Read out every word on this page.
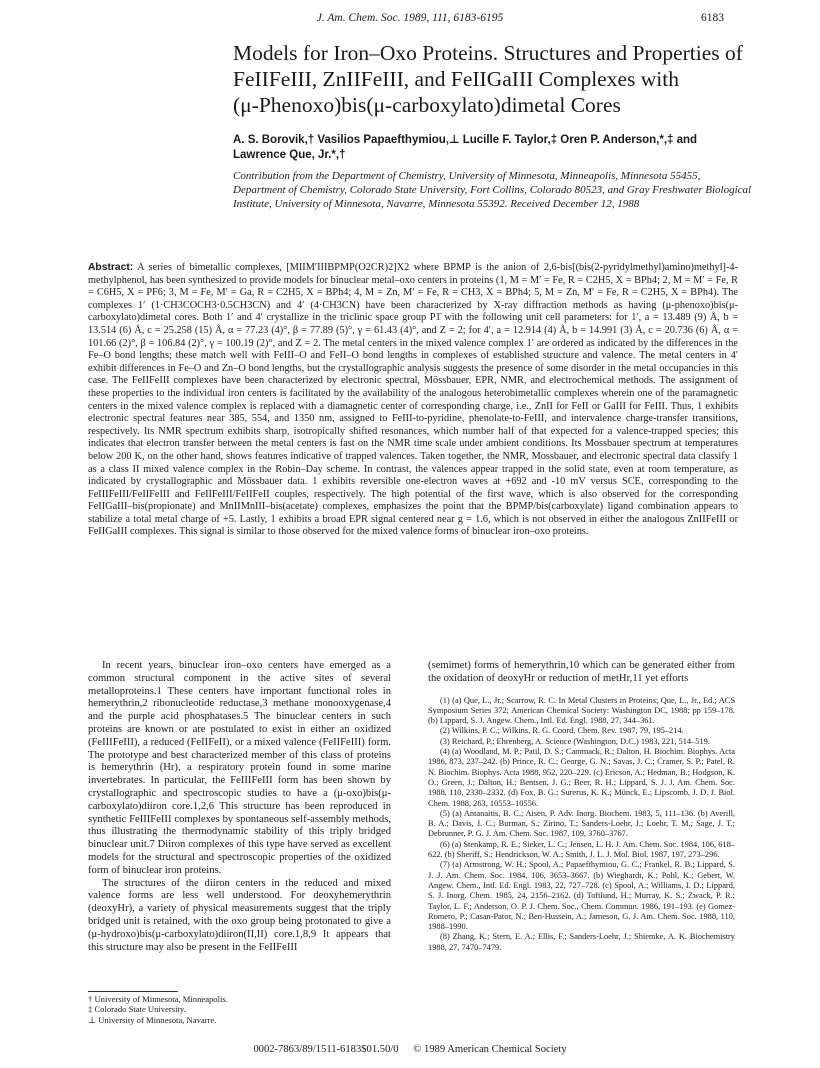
J. Am. Chem. Soc. 1989, 111, 6183-6195	6183
Models for Iron–Oxo Proteins. Structures and Properties of
FeIIFeIII, ZnIIFeIII, and FeIIGaIII Complexes with
(μ-Phenoxo)bis(μ-carboxylato)dimetal Cores
A. S. Borovik,† Vasilios Papaefthymiou,⊥ Lucille F. Taylor,‡ Oren P. Anderson,*,‡ and Lawrence Que, Jr.*,†
Contribution from the Department of Chemistry, University of Minnesota, Minneapolis, Minnesota 55455, Department of Chemistry, Colorado State University, Fort Collins, Colorado 80523, and Gray Freshwater Biological Institute, University of Minnesota, Navarre, Minnesota 55392. Received December 12, 1988
Abstract: A series of bimetallic complexes, [MIIM′IIIBPMP(O2CR)2]X2 where BPMP is the anion of 2,6-bis[(bis(2-pyridylmethyl)amino)methyl]-4-methylphenol, has been synthesized to provide models for binuclear metal–oxo centers in proteins (1, M = M′ = Fe, R = C2H5, X = BPh4; 2, M = M′ = Fe, R = C6H5, X = PF6; 3, M = Fe, M′ = Ga, R = C2H5, X = BPh4; 4, M = Zn, M′ = Fe, R = CH3, X = BPh4; 5, M = Zn, M′ = Fe, R = C2H5, X = BPh4). The complexes 1′ (1·CH3COCH3·0.5CH3CN) and 4′ (4·CH3CN) have been characterized by X-ray diffraction methods as having (μ-phenoxo)bis(μ-carboxylato)dimetal cores. Both 1′ and 4′ crystallize in the triclinic space group P1̄ with the following unit cell parameters: for 1′, a = 13.489 (9) Å, b = 13.514 (6) Å, c = 25.258 (15) Å, α = 77.23 (4)°, β = 77.89 (5)°, γ = 61.43 (4)°, and Z = 2; for 4′, a = 12.914 (4) Å, b = 14.991 (3) Å, c = 20.736 (6) Å, α = 101.66 (2)°, β = 106.84 (2)°, γ = 100.19 (2)°, and Z = 2. The metal centers in the mixed valence complex 1′ are ordered as indicated by the differences in the Fe–O bond lengths; these match well with FeIII–O and FeII–O bond lengths in complexes of established structure and valence. The metal centers in 4′ exhibit differences in Fe–O and Zn–O bond lengths, but the crystallographic analysis suggests the presence of some disorder in the metal occupancies in this case. The FeIIFeIII complexes have been characterized by electronic spectral, Mössbauer, EPR, NMR, and electrochemical methods. The assignment of these properties to the individual iron centers is facilitated by the availability of the analogous heterobimetallic complexes wherein one of the paramagnetic centers in the mixed valence complex is replaced with a diamagnetic center of corresponding charge, i.e., ZnII for FeII or GaIII for FeIII. Thus, 1 exhibits electronic spectral features near 385, 554, and 1350 nm, assigned to FeIII-to-pyridine, phenolate-to-FeIII, and intervalence charge-transfer transitions, respectively. Its NMR spectrum exhibits sharp, isotropically shifted resonances, which number half of that expected for a valence-trapped species; this indicates that electron transfer between the metal centers is fast on the NMR time scale under ambient conditions. Its Mossbauer spectrum at temperatures below 200 K, on the other hand, shows features indicative of trapped valences. Taken together, the NMR, Mossbauer, and electronic spectral data classify 1 as a class II mixed valence complex in the Robin–Day scheme. In contrast, the valences appear trapped in the solid state, even at room temperature, as indicated by crystallographic and Mössbauer data. 1 exhibits reversible one-electron waves at +692 and -10 mV versus SCE, corresponding to the FeIIIFeIII/FeIIFeIII and FeIIFeIII/FeIIFeII couples, respectively. The high potential of the first wave, which is also observed for the corresponding FeIIGaIII–bis(propionate) and MnIIMnIII–bis(acetate) complexes, emphasizes the point that the BPMP/bis(carboxylate) ligand combination appears to stabilize a total metal charge of +5. Lastly, 1 exhibits a broad EPR signal centered near g = 1.6, which is not observed in either the analogous ZnIIFeIII or FeIIGaIII complexes. This signal is similar to those observed for the mixed valence forms of binuclear iron–oxo proteins.

In recent years, binuclear iron–oxo centers have emerged as a common structural component in the active sites of several metalloproteins.1 These centers have important functional roles in hemerythrin,2 ribonucleotide reductase,3 methane monooxygenase,4 and the purple acid phosphatases.5 The binuclear centers in such proteins are known or are postulated to exist in either an oxidized (FeIIIFeIII), a reduced (FeIIFeII), or a mixed valence (FeIIFeIII) form. The prototype and best characterized member of this class of proteins is hemerythrin (Hr), a respiratory protein found in some marine invertebrates. In particular, the FeIIIFeIII form has been shown by crystallographic and spectroscopic studies to have a (μ-oxo)bis(μ-carboxylato)diiron core.1,2,6 This structure has been reproduced in synthetic FeIIIFeIII complexes by spontaneous self-assembly methods, thus illustrating the thermodynamic stability of this triply bridged binuclear unit.7 Diiron complexes of this type have served as excellent models for the structural and spectroscopic properties of the oxidized form of binuclear iron proteins.

The structures of the diiron centers in the reduced and mixed valence forms are less well understood. For deoxyhemerythrin (deoxyHr), a variety of physical measurements suggest that the triply bridged unit is retained, with the oxo group being protonated to give a (μ-hydroxo)bis(μ-carboxylato)diiron(II,II) core.1,8,9 It appears that this structure may also be present in the FeIIFeIII

(semimet) forms of hemerythrin,10 which can be generated either from the oxidation of deoxyHr or reduction of metHr,11 yet efforts
(1) (a) Que, L., Jr.; Scarrow, R. C. In Metal Clusters in Proteins; Que, L., Jr., Ed.; ACS Symposium Series 372; American Chemical Society: Washington DC, 1988; pp 159–178. (b) Lippard, S. J. Angew. Chem., Intl. Ed. Engl. 1988, 27, 344–361.
(2) Wilkins, P. C.; Wilkins, R. G. Coord. Chem. Rev. 1987, 79, 195–214.
(3) Reichard, P.; Ehrenberg, A. Science (Washington, D.C.) 1983, 221, 514–519.
(4) (a) Woodland, M. P.; Patil, D. S.; Cammack, R.; Dalton, H. Biochim. Biophys. Acta 1986, 873, 237–242. (b) Prince, R. C.; George, G. N.; Savas, J. C.; Cramer, S. P.; Patel, R. N. Biochim. Biophys. Acta 1988, 952, 220–229. (c) Ericson, A.; Hedman, B.; Hodgson, K. O.; Green, J.; Dalton, H.; Bentsen, J. G.; Beer, R. H.; Lippard, S. J. J. Am. Chem. Soc. 1988, 110, 2330–2332. (d) Fox, B. G.; Surerus, K. K.; Münck, E.; Lipscomb, J. D. J. Biol. Chem. 1988, 263, 10553–10556.
(5) (a) Antanaitis, B. C.; Aisen, P. Adv. Inorg. Biochem. 1983, 5, 111–136. (b) Averill, B. A.; Davis, J. C.; Burman, S.; Zirino, T.; Sanders-Loehr, J.; Loehr, T. M.; Sage, J. T.; Debrunner, P. G. J. Am. Chem. Soc. 1987, 109, 3760–3767.
(6) (a) Stenkamp, R. E.; Sieker, L. C.; Jensen, L. H. J. Am. Chem. Soc. 1984, 106, 618–622. (b) Sheriff, S.; Hendrickson, W. A.; Smith, J. L. J. Mol. Biol. 1987, 197, 273–296.
(7) (a) Armstrong, W. H.; Spool, A.; Papaefthymiou, G. C.; Frankel, R. B.; Lippard, S. J. J. Am. Chem. Soc. 1984, 106, 3653–3667. (b) Wieghardt, K.; Pohl, K.; Gebert, W. Angew. Chem., Intl. Ed. Engl. 1983, 22, 727–728. (c) Spool, A.; Williams, I. D.; Lippard, S. J. Inorg. Chem. 1985, 24, 2156–2162. (d) Toftlund, H.; Murray, K. S.; Zwack, P. R.; Taylor, L. F.; Anderson, O. P. J. Chem. Soc., Chem. Commun. 1986, 191–193. (e) Gomez-Romero, P.; Casan-Pator, N.; Ben-Hussein, A.; Jameson, G. J. Am. Chem. Soc. 1988, 110, 1988–1990.
(8) Zhang, K.; Stern, E. A.; Ellis, F.; Sanders-Loehr, J.; Shiemke, A. K. Biochemistry 1988, 27, 7470–7479.
† University of Minnesota, Minneapolis.
‡ Colorado State University.
⊥ University of Minnesota, Navarre.
0002-7863/89/1511-6183$01.50/0 © 1989 American Chemical Society
